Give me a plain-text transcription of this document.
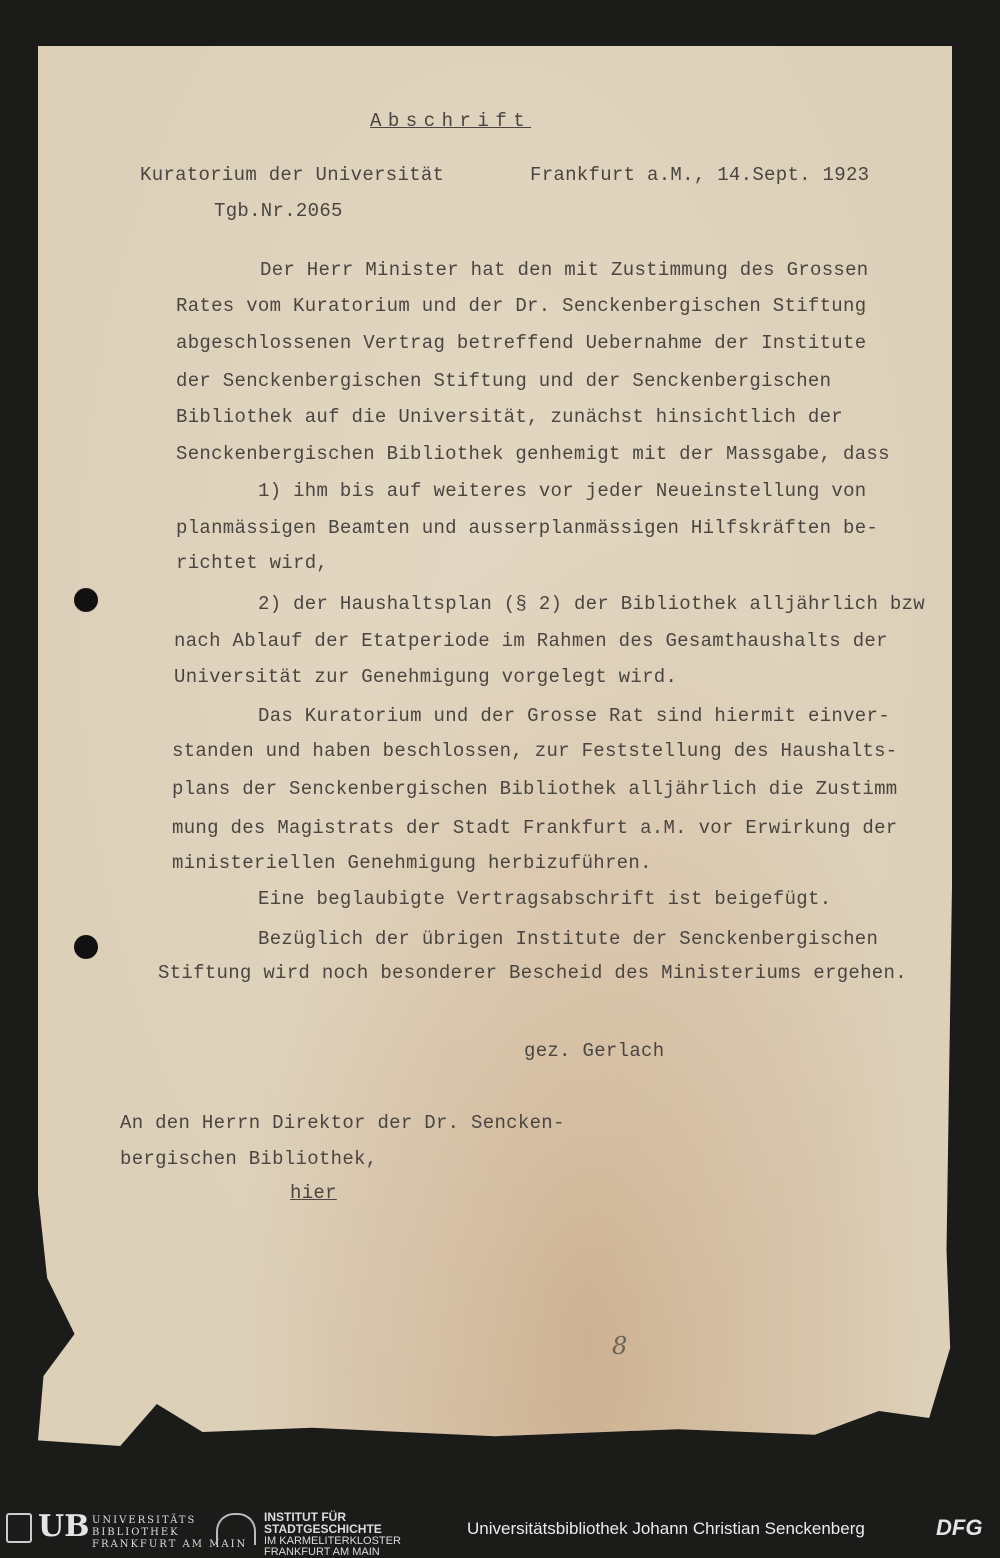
Abschrift

Kuratorium der Universität	Frankfurt a.M., 14.Sept. 1923

Tgb.Nr.2065

Der Herr Minister hat den mit Zustimmung des Grossen

Rates vom Kuratorium und der Dr. Senckenbergischen Stiftung

abgeschlossenen Vertrag betreffend Uebernahme der Institute

der Senckenbergischen Stiftung und der Senckenbergischen

Bibliothek auf die Universität, zunächst hinsichtlich der

Senckenbergischen Bibliothek genhemigt mit der Massgabe, dass

1) ihm bis auf weiteres vor jeder Neueinstellung von

planmässigen Beamten und ausserplanmässigen Hilfskräften be-

richtet wird,

2) der Haushaltsplan (§ 2) der Bibliothek alljährlich bzw

nach Ablauf der Etatperiode im Rahmen des Gesamthaushalts der

Universität zur Genehmigung vorgelegt wird.

Das Kuratorium und der Grosse Rat sind hiermit einver-

standen und haben beschlossen, zur Feststellung des Haushalts-

plans der Senckenbergischen Bibliothek alljährlich die Zustimm

mung des Magistrats der Stadt Frankfurt a.M. vor Erwirkung der

ministeriellen Genehmigung herbizuführen.

Eine beglaubigte Vertragsabschrift ist beigefügt.

Bezüglich der übrigen Institute der Senckenbergischen

Stiftung wird noch besonderer Bescheid des Ministeriums ergehen.

gez. Gerlach

An den Herrn Direktor der Dr. Sencken-

bergischen Bibliothek,

hier

8
UB UNIVERSITÄTS
BIBLIOTHEK
FRANKFURT AM MAIN
INSTITUT FÜR
STADTGESCHICHTE
IM KARMELITERKLOSTER
FRANKFURT AM MAIN
Universitätsbibliothek Johann Christian Senckenberg	DFG
